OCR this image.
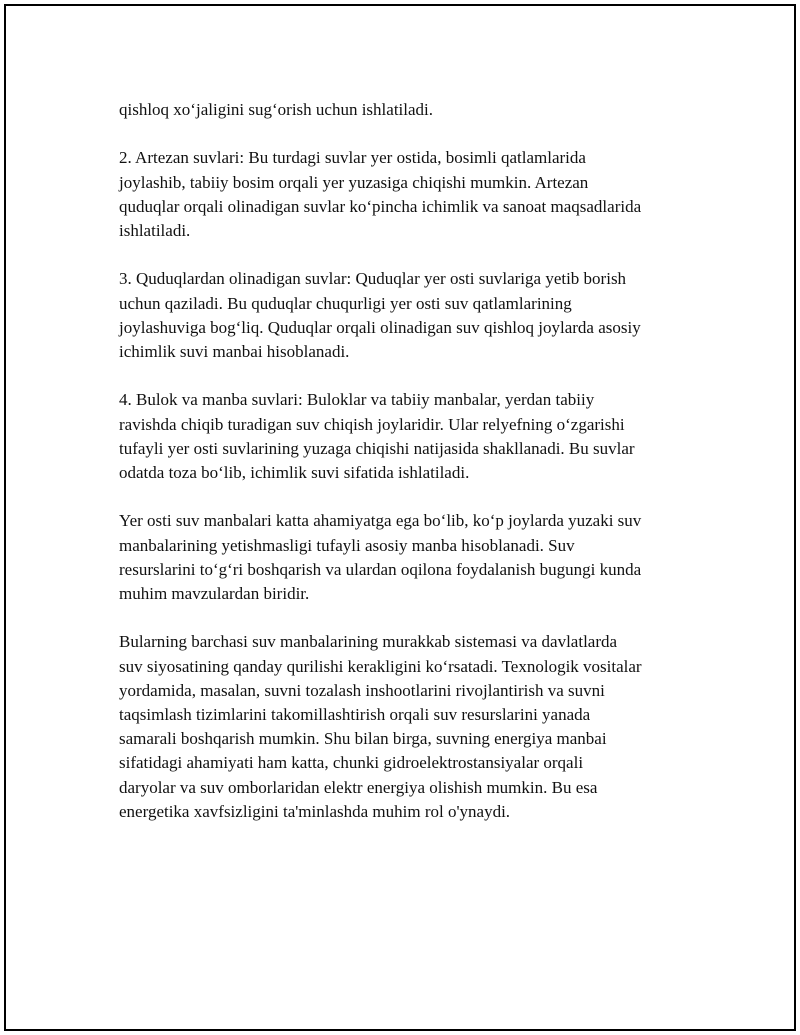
qishloq xo‘jaligini sug‘orish uchun ishlatiladi.

2. Artezan suvlari: Bu turdagi suvlar yer ostida, bosimli qatlamlarida
joylashib, tabiiy bosim orqali yer yuzasiga chiqishi mumkin. Artezan
quduqlar orqali olinadigan suvlar ko‘pincha ichimlik va sanoat maqsadlarida
ishlatiladi.

3. Quduqlardan olinadigan suvlar: Quduqlar yer osti suvlariga yetib borish
uchun qaziladi. Bu quduqlar chuqurligi yer osti suv qatlamlarining
joylashuviga bog‘liq. Quduqlar orqali olinadigan suv qishloq joylarda asosiy
ichimlik suvi manbai hisoblanadi.

4. Bulok va manba suvlari: Buloklar va tabiiy manbalar, yerdan tabiiy
ravishda chiqib turadigan suv chiqish joylaridir. Ular relyefning o‘zgarishi
tufayli yer osti suvlarining yuzaga chiqishi natijasida shakllanadi. Bu suvlar
odatda toza bo‘lib, ichimlik suvi sifatida ishlatiladi.

Yer osti suv manbalari katta ahamiyatga ega bo‘lib, ko‘p joylarda yuzaki suv
manbalarining yetishmasligi tufayli asosiy manba hisoblanadi. Suv
resurslarini to‘g‘ri boshqarish va ulardan oqilona foydalanish bugungi kunda
muhim mavzulardan biridir.

Bularning barchasi suv manbalarining murakkab sistemasi va davlatlarda
suv siyosatining qanday qurilishi kerakligini ko‘rsatadi. Texnologik vositalar
yordamida, masalan, suvni tozalash inshootlarini rivojlantirish va suvni
taqsimlash tizimlarini takomillashtirish orqali suv resurslarini yanada
samarali boshqarish mumkin. Shu bilan birga, suvning energiya manbai
sifatidagi ahamiyati ham katta, chunki gidroelektrostansiyalar orqali
daryolar va suv omborlaridan elektr energiya olishish mumkin. Bu esa
energetika xavfsizligini ta'minlashda muhim rol o'ynaydi.
